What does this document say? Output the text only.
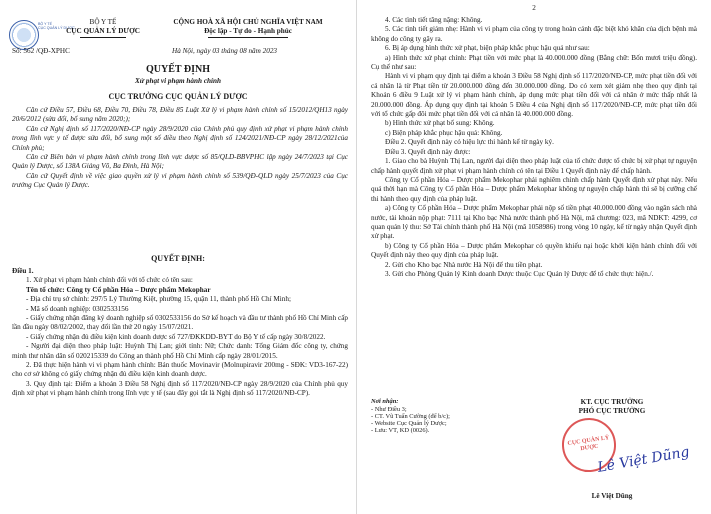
BỘ Y TẾ
CỤC QUẢN LÝ DƯỢC
BỘ Y TẾ
CỤC QUẢN LÝ DƯỢC
CỘNG HOÀ XÃ HỘI CHỦ NGHĨA VIỆT NAM
Độc lập - Tự do - Hạnh phúc
Số: 562 /QĐ-XPHC	Hà Nội, ngày 03 tháng 08 năm 2023
QUYẾT ĐỊNH
Xử phạt vi phạm hành chính
CỤC TRƯỞNG CỤC QUẢN LÝ DƯỢC

Căn cứ Điều 57, Điều 68, Điều 70, Điều 78, Điều 85 Luật Xử lý vi phạm hành chính số 15/2012/QH13 ngày 20/6/2012 (sửa đổi, bổ sung năm 2020;);

Căn cứ Nghị định số 117/2020/NĐ-CP ngày 28/9/2020 của Chính phủ quy định xử phạt vi phạm hành chính trong lĩnh vực y tế được sửa đổi, bổ sung một số điều theo Nghị định số 124/2021/NĐ-CP ngày 28/12/2021của Chính phủ;

Căn cứ Biên bản vi phạm hành chính trong lĩnh vực dược số 85/QLD-BBVPHC lập ngày 24/7/2023 tại Cục Quản lý Dược, số 138A Giảng Võ, Ba Đình, Hà Nội;

Căn cứ Quyết định về việc giao quyền xử lý vi phạm hành chính số 539/QĐ-QLD ngày 25/7/2023 của Cục trưởng Cục Quản lý Dược.

QUYẾT ĐỊNH:

Điều 1.

1. Xử phạt vi phạm hành chính đối với tổ chức có tên sau:

Tên tổ chức: Công ty Cổ phần Hóa – Dược phẩm Mekophar

- Địa chỉ trụ sở chính: 297/5 Lý Thường Kiệt, phường 15, quận 11, thành phố Hồ Chí Minh;

- Mã số doanh nghiệp: 0302533156

- Giấy chứng nhận đăng ký doanh nghiệp số 0302533156 do Sở kế hoạch và đầu tư thành phố Hồ Chí Minh cấp lần đầu ngày 08/02/2002, thay đổi lần thứ 20 ngày 15/07/2021.

- Giấy chứng nhận đủ điều kiện kinh doanh dược số 727/ĐKKDD-BYT do Bộ Y tế cấp ngày 30/8/2022.

- Người đại diện theo pháp luật: Huỳnh Thị Lan; giới tính: Nữ; Chức danh: Tổng Giám đốc công ty, chứng minh thư nhân dân số 020215339 do Công an thành phố Hồ Chí Minh cấp ngày 28/01/2015.

2. Đã thực hiện hành vi vi phạm hành chính: Bán thuốc Movinavir (Molnupiravir 200mg - SĐK: VD3-167-22) cho cơ sở không có giấy chứng nhận đủ điều kiện kinh doanh dược.

3. Quy định tại: Điểm a khoản 3 Điều 58 Nghị định số 117/2020/NĐ-CP ngày 28/9/2020 của Chính phủ quy định xử phạt vi phạm hành chính trong lĩnh vực y tế (sau đây gọi tắt là Nghị định số 117/2020/NĐ-CP).

2

4. Các tình tiết tăng nặng: Không.

5. Các tình tiết giảm nhẹ: Hành vi vi phạm của công ty trong hoàn cảnh đặc biệt khó khăn của dịch bệnh mà không do công ty gây ra.

6. Bị áp dụng hình thức xử phạt, biện pháp khắc phục hậu quả như sau:

a) Hình thức xử phạt chính: Phạt tiền với mức phạt là 40.000.000 đồng (Bằng chữ: Bốn mươi triệu đồng). Cụ thể như sau:

Hành vi vi phạm quy định tại điểm a khoản 3 Điều 58 Nghị định số 117/2020/NĐ-CP, mức phạt tiền đối với cá nhân là từ Phạt tiền từ 20.000.000 đồng đến 30.000.000 đồng. Do có xem xét giảm nhẹ theo quy định tại Khoản 6 điều 9 Luật xử lý vi phạm hành chính, áp dụng mức phạt tiền đối với cá nhân ở mức thấp nhất là 20.000.000 đồng. Áp dụng quy định tại khoản 5 Điều 4 của Nghị định số 117/2020/NĐ-CP, mức phạt tiền đối với tổ chức gấp đôi mức phạt tiền đối với cá nhân là 40.000.000 đồng.

b) Hình thức xử phạt bổ sung: Không.

c) Biện pháp khắc phục hậu quả: Không.

Điều 2. Quyết định này có hiệu lực thi hành kể từ ngày ký.

Điều 3. Quyết định này được:

1. Giao cho bà Huỳnh Thị Lan, người đại diện theo pháp luật của tổ chức được tổ chức bị xử phạt tự nguyện chấp hành quyết định xử phạt vi phạm hành chính có tên tại Điều 1 Quyết định này để chấp hành.

Công ty Cổ phần Hóa – Dược phẩm Mekophar phải nghiêm chỉnh chấp hành Quyết định xử phạt này. Nếu quá thời hạn mà Công ty Cổ phần Hóa – Dược phẩm Mekophar không tự nguyện chấp hành thì sẽ bị cưỡng chế thi hành theo quy định của pháp luật.

a) Công ty Cổ phần Hóa – Dược phẩm Mekophar phải nộp số tiền phạt 40.000.000 đồng vào ngân sách nhà nước, tài khoản nộp phạt: 7111 tại Kho bạc Nhà nước thành phố Hà Nội, mã chương: 023, mã NDKT: 4299, cơ quan quản lý thu: Sở Tài chính thành phố Hà Nội (mã 1058986) trong vòng 10 ngày, kể từ ngày nhận Quyết định xử phạt.

b) Công ty Cổ phần Hóa – Dược phẩm Mekophar có quyền khiếu nại hoặc khởi kiện hành chính đối với Quyết định này theo quy định của pháp luật.

2. Gửi cho Kho bạc Nhà nước Hà Nội để thu tiền phạt.

3. Gửi cho Phòng Quản lý Kinh doanh Dược thuộc Cục Quản lý Dược để tổ chức thực hiện./.

Nơi nhận:
- Như Điều 3;
- CT. Vũ Tuấn Cường (để b/c);
- Website Cục Quản lý Dược;
- Lưu: VT, KD (0026).
KT. CỤC TRƯỞNG
PHÓ CỤC TRƯỞNG
CỤC QUẢN LÝ DƯỢC
Lê Việt Dũng
Lê Việt Dũng
